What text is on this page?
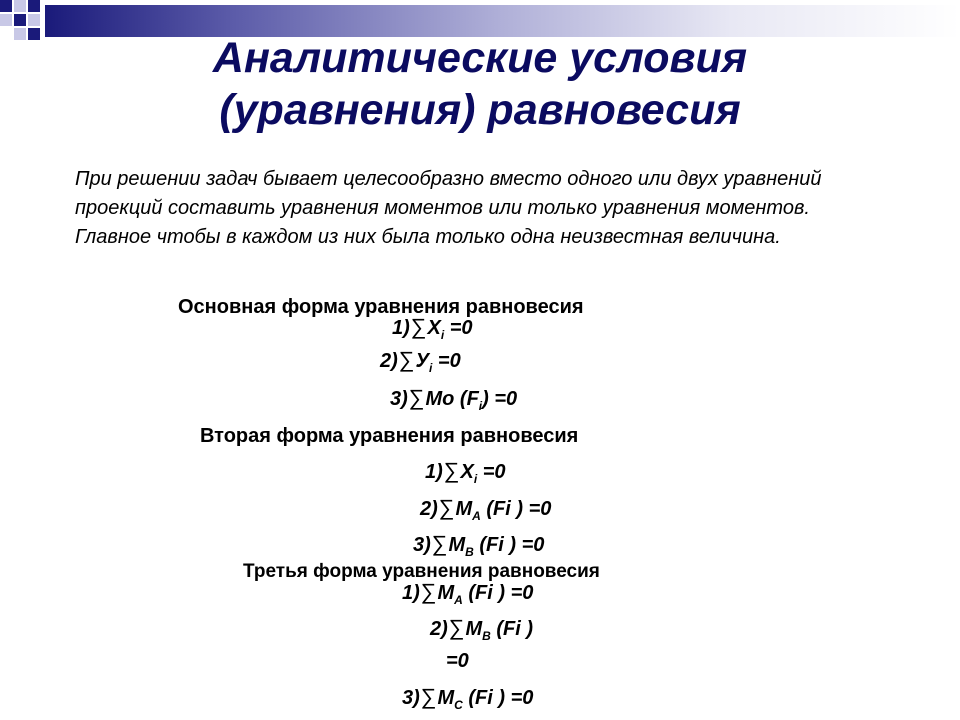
Аналитические условия
(уравнения) равновесия
При решении задач бывает целесообразно вместо одного или двух уравнений проекций составить уравнения моментов или только уравнения моментов. Главное чтобы в каждом из них была только одна неизвестная величина.
Основная форма уравнения равновесия
$1)\sum X_i =0$
$2)\sum У_i =0$
3)∑Mo $(F_i) =0$
Вторая форма уравнения равновесия
$1)\sum X_i =0$
$2)\sum M_A$ (Fi ) =0
$3)\sum M_B$ (Fi ) =0
Третья форма уравнения равновесия
$1)\sum M_A$ (Fi ) =0
$2)\sum M_B$ (Fi )
=0
$3)\sum M_C$ (Fi ) =0
